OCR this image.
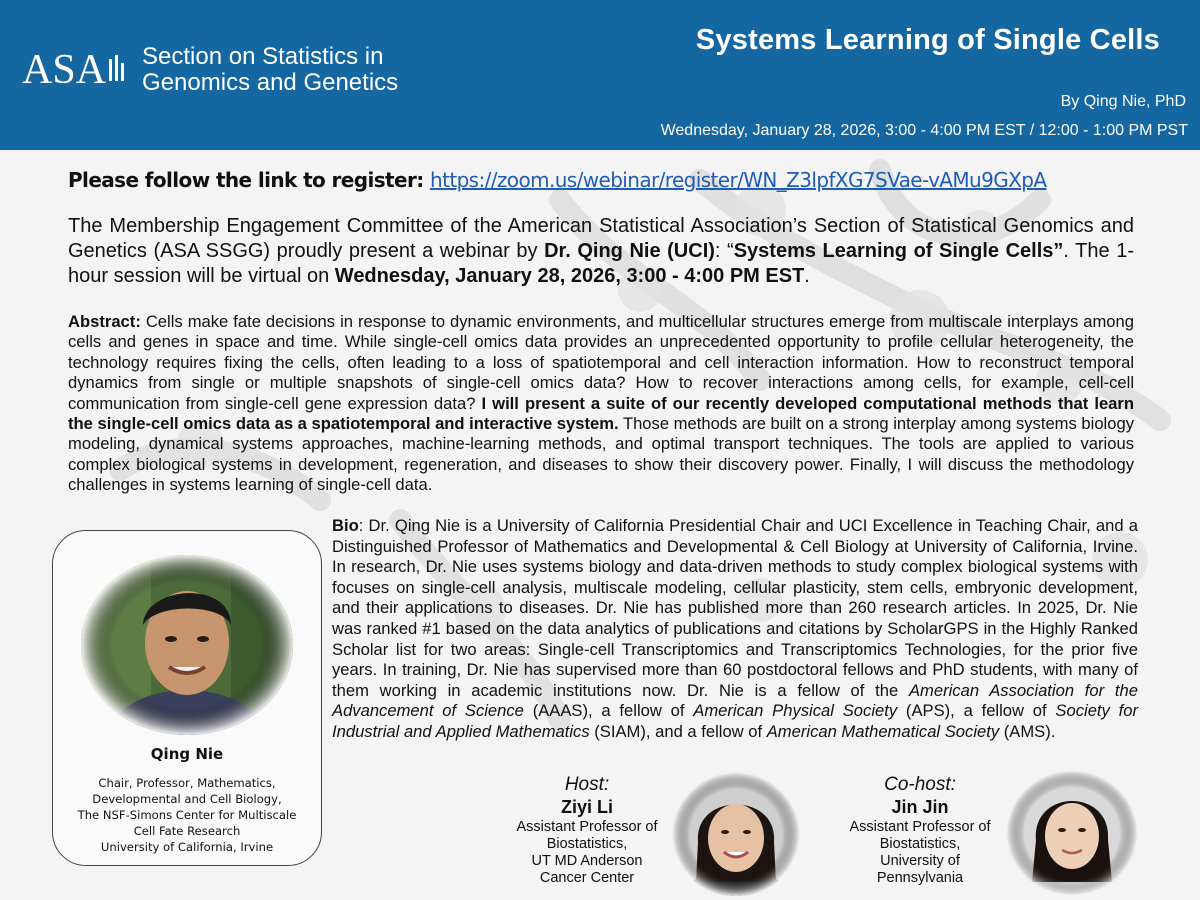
ASA Section on Statistics in
Genomics and Genetics
Systems Learning of Single Cells
By Qing Nie, PhD
Wednesday, January 28, 2026, 3:00 - 4:00 PM EST / 12:00 - 1:00 PM PST
Please follow the link to register: https://zoom.us/webinar/register/WN_Z3lpfXG7SVae-vAMu9GXpA
The Membership Engagement Committee of the American Statistical Association’s Section of Statistical Genomics and Genetics (ASA SSGG) proudly present a webinar by Dr. Qing Nie (UCI): “Systems Learning of Single Cells”. The 1-hour session will be virtual on Wednesday, January 28, 2026, 3:00 - 4:00 PM EST.
Abstract: Cells make fate decisions in response to dynamic environments, and multicellular structures emerge from multiscale interplays among cells and genes in space and time. While single-cell omics data provides an unprecedented opportunity to profile cellular heterogeneity, the technology requires fixing the cells, often leading to a loss of spatiotemporal and cell interaction information. How to reconstruct temporal dynamics from single or multiple snapshots of single-cell omics data? How to recover interactions among cells, for example, cell-cell communication from single-cell gene expression data? I will present a suite of our recently developed computational methods that learn the single-cell omics data as a spatiotemporal and interactive system. Those methods are built on a strong interplay among systems biology modeling, dynamical systems approaches, machine-learning methods, and optimal transport techniques. The tools are applied to various complex biological systems in development, regeneration, and diseases to show their discovery power. Finally, I will discuss the methodology challenges in systems learning of single-cell data.
Bio: Dr. Qing Nie is a University of California Presidential Chair and UCI Excellence in Teaching Chair, and a Distinguished Professor of Mathematics and Developmental & Cell Biology at University of California, Irvine. In research, Dr. Nie uses systems biology and data-driven methods to study complex biological systems with focuses on single-cell analysis, multiscale modeling, cellular plasticity, stem cells, embryonic development, and their applications to diseases. Dr. Nie has published more than 260 research articles. In 2025, Dr. Nie was ranked #1 based on the data analytics of publications and citations by ScholarGPS in the Highly Ranked Scholar list for two areas: Single-cell Transcriptomics and Transcriptomics Technologies, for the prior five years. In training, Dr. Nie has supervised more than 60 postdoctoral fellows and PhD students, with many of them working in academic institutions now. Dr. Nie is a fellow of the American Association for the Advancement of Science (AAAS), a fellow of American Physical Society (APS), a fellow of Society for Industrial and Applied Mathematics (SIAM), and a fellow of American Mathematical Society (AMS).
Qing Nie
Chair, Professor, Mathematics,
Developmental and Cell Biology,
The NSF-Simons Center for Multiscale
Cell Fate Research
University of California, Irvine
Host:
Ziyi Li
Assistant Professor of
Biostatistics,
UT MD Anderson
Cancer Center
Co-host:
Jin Jin
Assistant Professor of
Biostatistics,
University of
Pennsylvania
